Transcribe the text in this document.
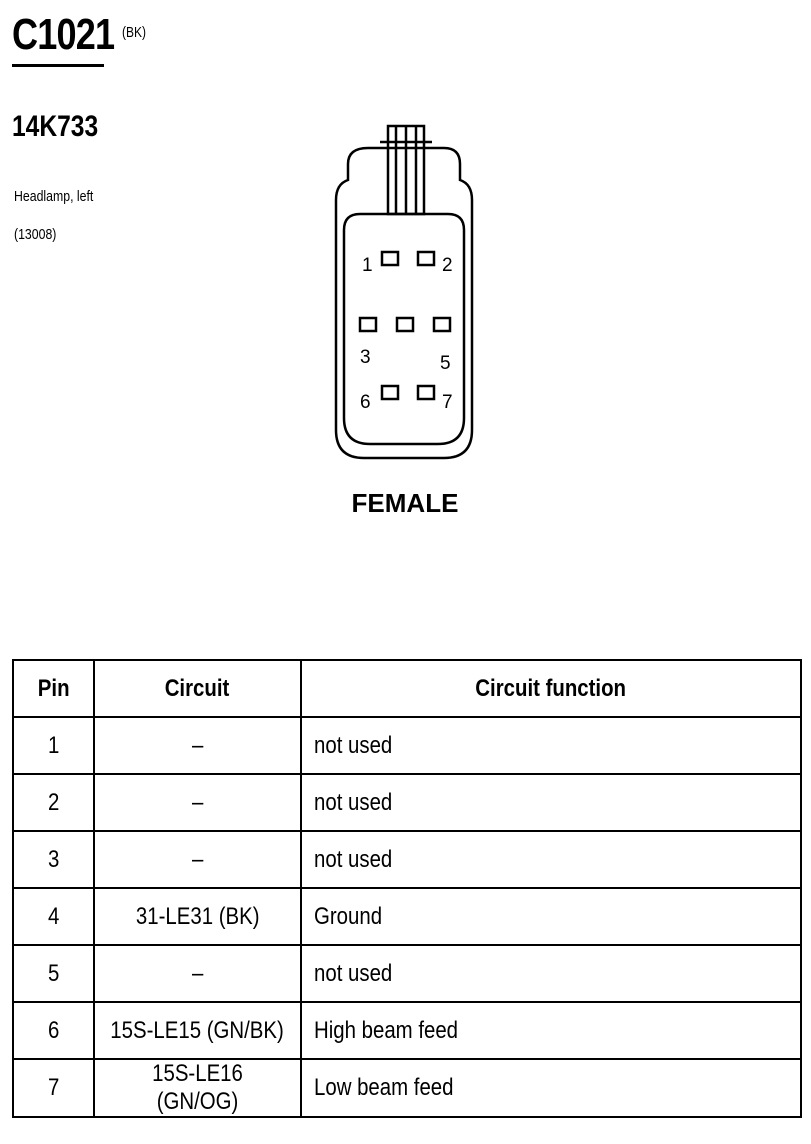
C1021 (BK)
14K733
Headlamp, left
(13008)
1	2
3	5
6	7
FEMALE
Pin	Circuit	Circuit function
1	–	not used
2	–	not used
3	–	not used
4	31-LE31 (BK)	Ground
5	–	not used
6	15S-LE15 (GN/BK)	High beam feed
7	15S-LE16 (GN/OG)	Low beam feed
